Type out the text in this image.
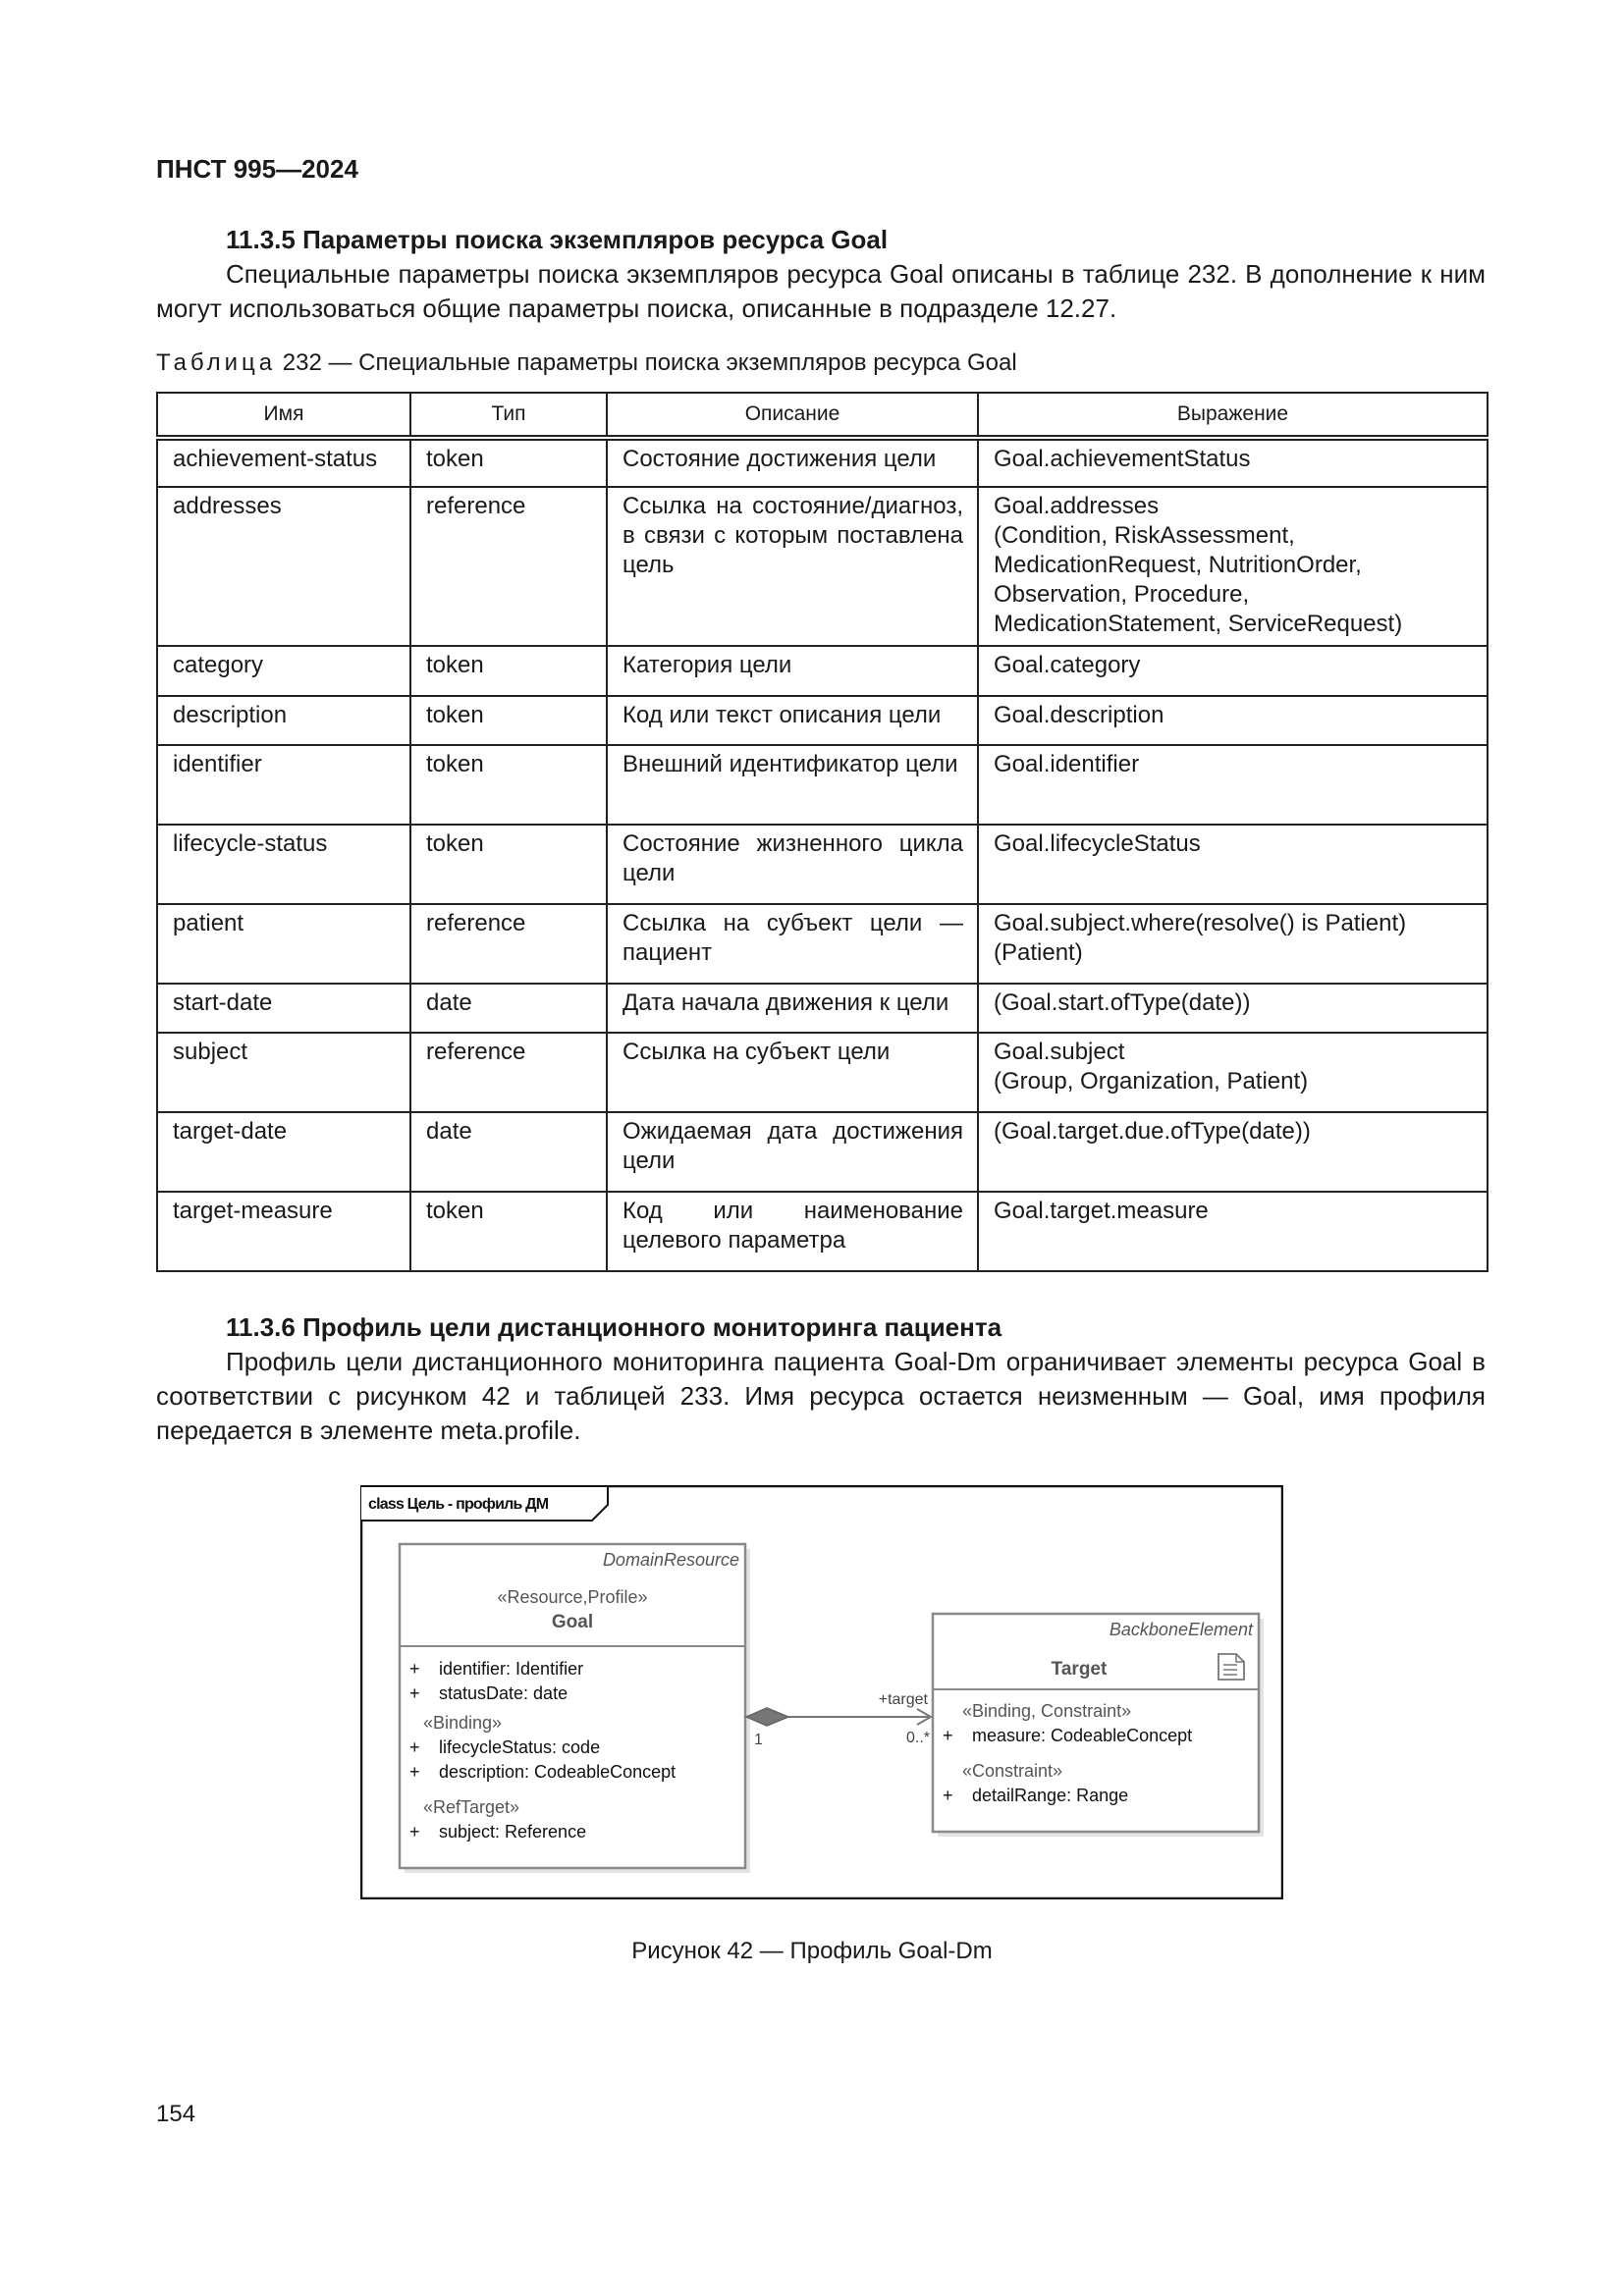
ПНСТ 995—2024
11.3.5 Параметры поиска экземпляров ресурса Goal
Специальные параметры поиска экземпляров ресурса Goal описаны в таблице 232. В дополнение к ним могут использоваться общие параметры поиска, описанные в подразделе 12.27.
Таблица 232 — Специальные параметры поиска экземпляров ресурса Goal
Имя	Тип	Описание	Выражение
achievement-status	token	Состояние достижения цели	Goal.achievementStatus
addresses	reference	Ссылка на состояние/диагноз, в связи с которым поставлена цель	Goal.addresses
(Condition, RiskAssessment, MedicationRequest, NutritionOrder, Observation, Procedure, MedicationStatement, ServiceRequest)
category	token	Категория цели	Goal.category
description	token	Код или текст описания цели	Goal.description
identifier	token	Внешний идентификатор цели	Goal.identifier
lifecycle-status	token	Состояние жизненного цикла цели	Goal.lifecycleStatus
patient	reference	Ссылка на субъект цели — пациент	Goal.subject.where(resolve() is Patient) (Patient)
start-date	date	Дата начала движения к цели	(Goal.start.ofType(date))
subject	reference	Ссылка на субъект цели	Goal.subject
(Group, Organization, Patient)
target-date	date	Ожидаемая дата достижения цели	(Goal.target.due.ofType(date))
target-measure	token	Код или наименование целевого параметра	Goal.target.measure
11.3.6 Профиль цели дистанционного мониторинга пациента
Профиль цели дистанционного мониторинга пациента Goal-Dm ограничивает элементы ресурса Goal в соответствии с рисунком 42 и таблицей 233. Имя ресурса остается неизменным — Goal, имя профиля передается в элементе meta.profile.
class Цель - профиль ДМ
DomainResource
«Resource,Profile»
Goal
+ identifier: Identifier
+ statusDate: date
«Binding»
+ lifecycleStatus: code
+ description: CodeableConcept
«RefTarget»
+ subject: Reference
BackboneElement
Target
«Binding, Constraint»
+ measure: CodeableConcept
«Constraint»
+ detailRange: Range
+target
1	0..*
Рисунок 42 — Профиль Goal-Dm
154
